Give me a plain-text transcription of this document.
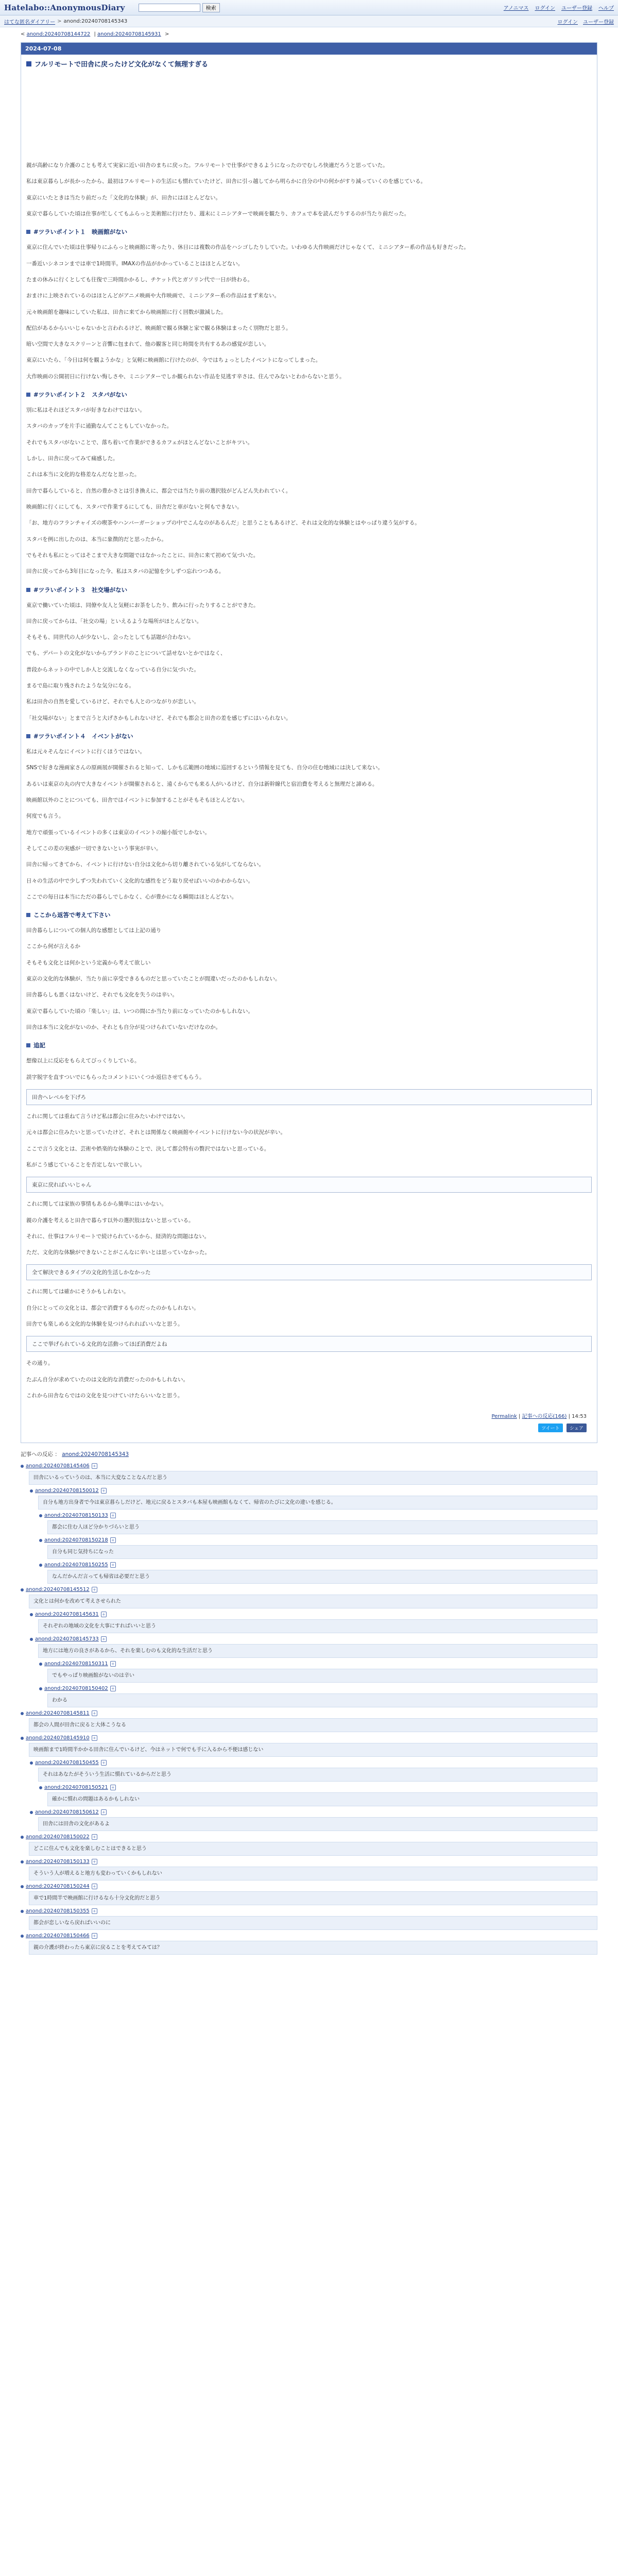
Hatelabo::AnonymousDiary	検索	アノニマス ログイン ユーザー登録 ヘルプ
はてな匿名ダイアリー > anond:20240708145343	ログイン ユーザー登録
< anond:20240708144722 | anond:20240708145931 >
2024-07-08
フルリモートで田舎に戻ったけど文化がなくて無理すぎる

親が高齢になり介護のことも考えて実家に近い田舎のまちに戻った。フルリモートで仕事ができるようになったのでむしろ快適だろうと思っていた。

私は東京暮らしが長かったから、最初はフルリモートの生活にも慣れていたけど、田舎に引っ越してから明らかに自分の中の何かがすり減っていくのを感じている。

東京にいたときは当たり前だった「文化的な体験」が、田舎にはほとんどない。

東京で暮らしていた頃は仕事が忙しくてもふらっと美術館に行けたり、週末にミニシアターで映画を観たり、カフェで本を読んだりするのが当たり前だった。

#ツラいポイント１　映画館がない

東京に住んでいた頃は仕事帰りにふらっと映画館に寄ったり、休日には複数の作品をハシゴしたりしていた。いわゆる大作映画だけじゃなくて、ミニシアター系の作品も好きだった。

一番近いシネコンまでは車で1時間半。IMAXの作品がかかっていることはほとんどない。

たまの休みに行くとしても往復で三時間かかるし、チケット代とガソリン代で一日が終わる。

おまけに上映されているのはほとんどがアニメ映画や大作映画で、ミニシアター系の作品はまず来ない。

元々映画館を趣味にしていた私は、田舎に来てから映画館に行く回数が激減した。

配信があるからいいじゃないかと言われるけど、映画館で観る体験と家で観る体験はまったく別物だと思う。

暗い空間で大きなスクリーンと音響に包まれて、他の観客と同じ時間を共有するあの感覚が恋しい。

東京にいたら、「今日は何を観ようかな」と気軽に映画館に行けたのが、今ではちょっとしたイベントになってしまった。

大作映画の公開初日に行けない悔しさや、ミニシアターでしか観られない作品を見逃す辛さは、住んでみないとわからないと思う。

#ツラいポイント２　スタバがない

別に私はそれほどスタバが好きなわけではない。

スタバのカップを片手に通勤なんてこともしていなかった。

それでもスタバがないことで、落ち着いて作業ができるカフェがほとんどないことがキツい。

しかし、田舎に戻ってみて痛感した。

これは本当に文化的な格差なんだなと思った。

田舎で暮らしていると、自然の豊かさとは引き換えに、都会では当たり前の選択肢がどんどん失われていく。

映画館に行くにしても、スタバで作業するにしても、田舎だと車がないと何もできない。

「お、地方のフランチャイズの喫茶やハンバーガーショップの中でこんなのがあるんだ」と思うこともあるけど、それは文化的な体験とはやっぱり違う気がする。

スタバを例に出したのは、本当に象徴的だと思ったから。

でもそれも私にとってはそこまで大きな問題ではなかったことに、田舎に来て初めて気づいた。

田舎に戻ってから3年目になった今、私はスタバの記憶を少しずつ忘れつつある。

#ツラいポイント３　社交場がない

東京で働いていた頃は、同僚や友人と気軽にお茶をしたり、飲みに行ったりすることができた。

田舎に戻ってからは、「社交の場」といえるような場所がほとんどない。

そもそも、同世代の人が少ないし、会ったとしても話題が合わない。

でも、デパートの文化がないからブランドのことについて話せないとかではなく、

普段からネットの中でしか人と交流しなくなっている自分に気づいた。

まるで島に取り残されたような気分になる。

私は田舎の自然を愛しているけど、それでも人とのつながりが恋しい。

「社交場がない」とまで言うと大げさかもしれないけど、それでも都会と田舎の差を感じずにはいられない。

#ツラいポイント４　イベントがない

私は元々そんなにイベントに行くほうではない。

SNSで好きな漫画家さんの原画展が開催されると知って、しかも広範囲の地域に巡回するという情報を見ても、自分の住む地域には決して来ない。

あるいは東京の丸の内で大きなイベントが開催されると、遠くからでも来る人がいるけど、自分は新幹線代と宿泊費を考えると無理だと諦める。

映画館以外のことについても、田舎ではイベントに参加することがそもそもほとんどない。

何度でも言う。

地方で頑張っているイベントの多くは東京のイベントの縮小版でしかない。

そしてこの差の実感が一切できないという事実が辛い。

田舎に帰ってきてから、イベントに行けない自分は文化から切り離されている気がしてならない。

日々の生活の中で少しずつ失われていく文化的な感性をどう取り戻せばいいのかわからない。

ここでの毎日は本当にただの暮らしでしかなく、心が豊かになる瞬間はほとんどない。

ここから返答で考えて下さい

田舎暮らしについての個人的な感想としては上記の通り

ここから何が言えるか

そもそも文化とは何かという定義から考えて欲しい

東京の文化的な体験が、当たり前に享受できるものだと思っていたことが間違いだったのかもしれない。

田舎暮らしも悪くはないけど、それでも文化を失うのは辛い。

東京で暮らしていた頃の「楽しい」は、いつの間にか当たり前になっていたのかもしれない。

田舎は本当に文化がないのか、それとも自分が見つけられていないだけなのか。

追記

想像以上に反応をもらえてびっくりしている。

誤字脱字を直すついでにもらったコメントにいくつか返信させてもらう。

田舎へレベルを下げろ

これに関しては重ねて言うけど私は都会に住みたいわけではない。

元々は都会に住みたいと思っていたけど、それとは関係なく映画館やイベントに行けない今の状況が辛い。

ここで言う文化とは、芸術や娯楽的な体験のことで、決して都会特有の贅沢ではないと思っている。

私がこう感じていることを否定しないで欲しい。

東京に戻ればいいじゃん

これに関しては家族の事情もあるから簡単にはいかない。

親の介護を考えると田舎で暮らす以外の選択肢はないと思っている。

それに、仕事はフルリモートで続けられているから、経済的な問題はない。

ただ、文化的な体験ができないことがこんなに辛いとは思っていなかった。

全て解決できるタイプの文化的生活しかなかった

これに関しては確かにそうかもしれない。

自分にとっての文化とは、都会で消費するものだったのかもしれない。

田舎でも楽しめる文化的な体験を見つけられればいいなと思う。

ここで挙げられている文化的な活動ってほぼ消費だよね

その通り。

たぶん自分が求めていたのは文化的な消費だったのかもしれない。

これから田舎ならではの文化を見つけていけたらいいなと思う。

Permalink | 記事への反応(166) | 14:53
ツイート シェア
記事への反応 ： anond:20240708145343
anond:20240708145406 +
田舎にいるっていうのは、本当に大変なことなんだと思う
anond:20240708150012 +
自分も地方出身者で今は東京暮らしだけど、地元に戻るとスタバも本屋も映画館もなくて、帰省のたびに文化の違いを感じる。
anond:20240708150133 +
都会に住む人ほど分かりづらいと思う
anond:20240708150218 +
自分も同じ気持ちになった
anond:20240708150255 +
なんだかんだ言っても帰省は必要だと思う
anond:20240708145512 +
文化とは何かを改めて考えさせられた
anond:20240708145631 +
それぞれの地域の文化を大事にすればいいと思う
anond:20240708145733 +
地方には地方の良さがあるから、それを楽しむのも文化的な生活だと思う
anond:20240708150311 +
でもやっぱり映画館がないのは辛い
anond:20240708150402 +
わかる
anond:20240708145811 +
都会の人間が田舎に戻ると大体こうなる
anond:20240708145910 +
映画館まで1時間半かかる田舎に住んでいるけど、今はネットで何でも手に入るから不便は感じない
anond:20240708150455 +
それはあなたがそういう生活に慣れているからだと思う
anond:20240708150521 +
確かに慣れの問題はあるかもしれない
anond:20240708150612 +
田舎には田舎の文化があるよ
anond:20240708150022 +
どこに住んでも文化を楽しむことはできると思う
anond:20240708150133 +
そういう人が増えると地方も変わっていくかもしれない
anond:20240708150244 +
車で1時間半で映画館に行けるなら十分文化的だと思う
anond:20240708150355 +
都会が恋しいなら戻ればいいのに
anond:20240708150466 +
親の介護が終わったら東京に戻ることを考えてみては？
